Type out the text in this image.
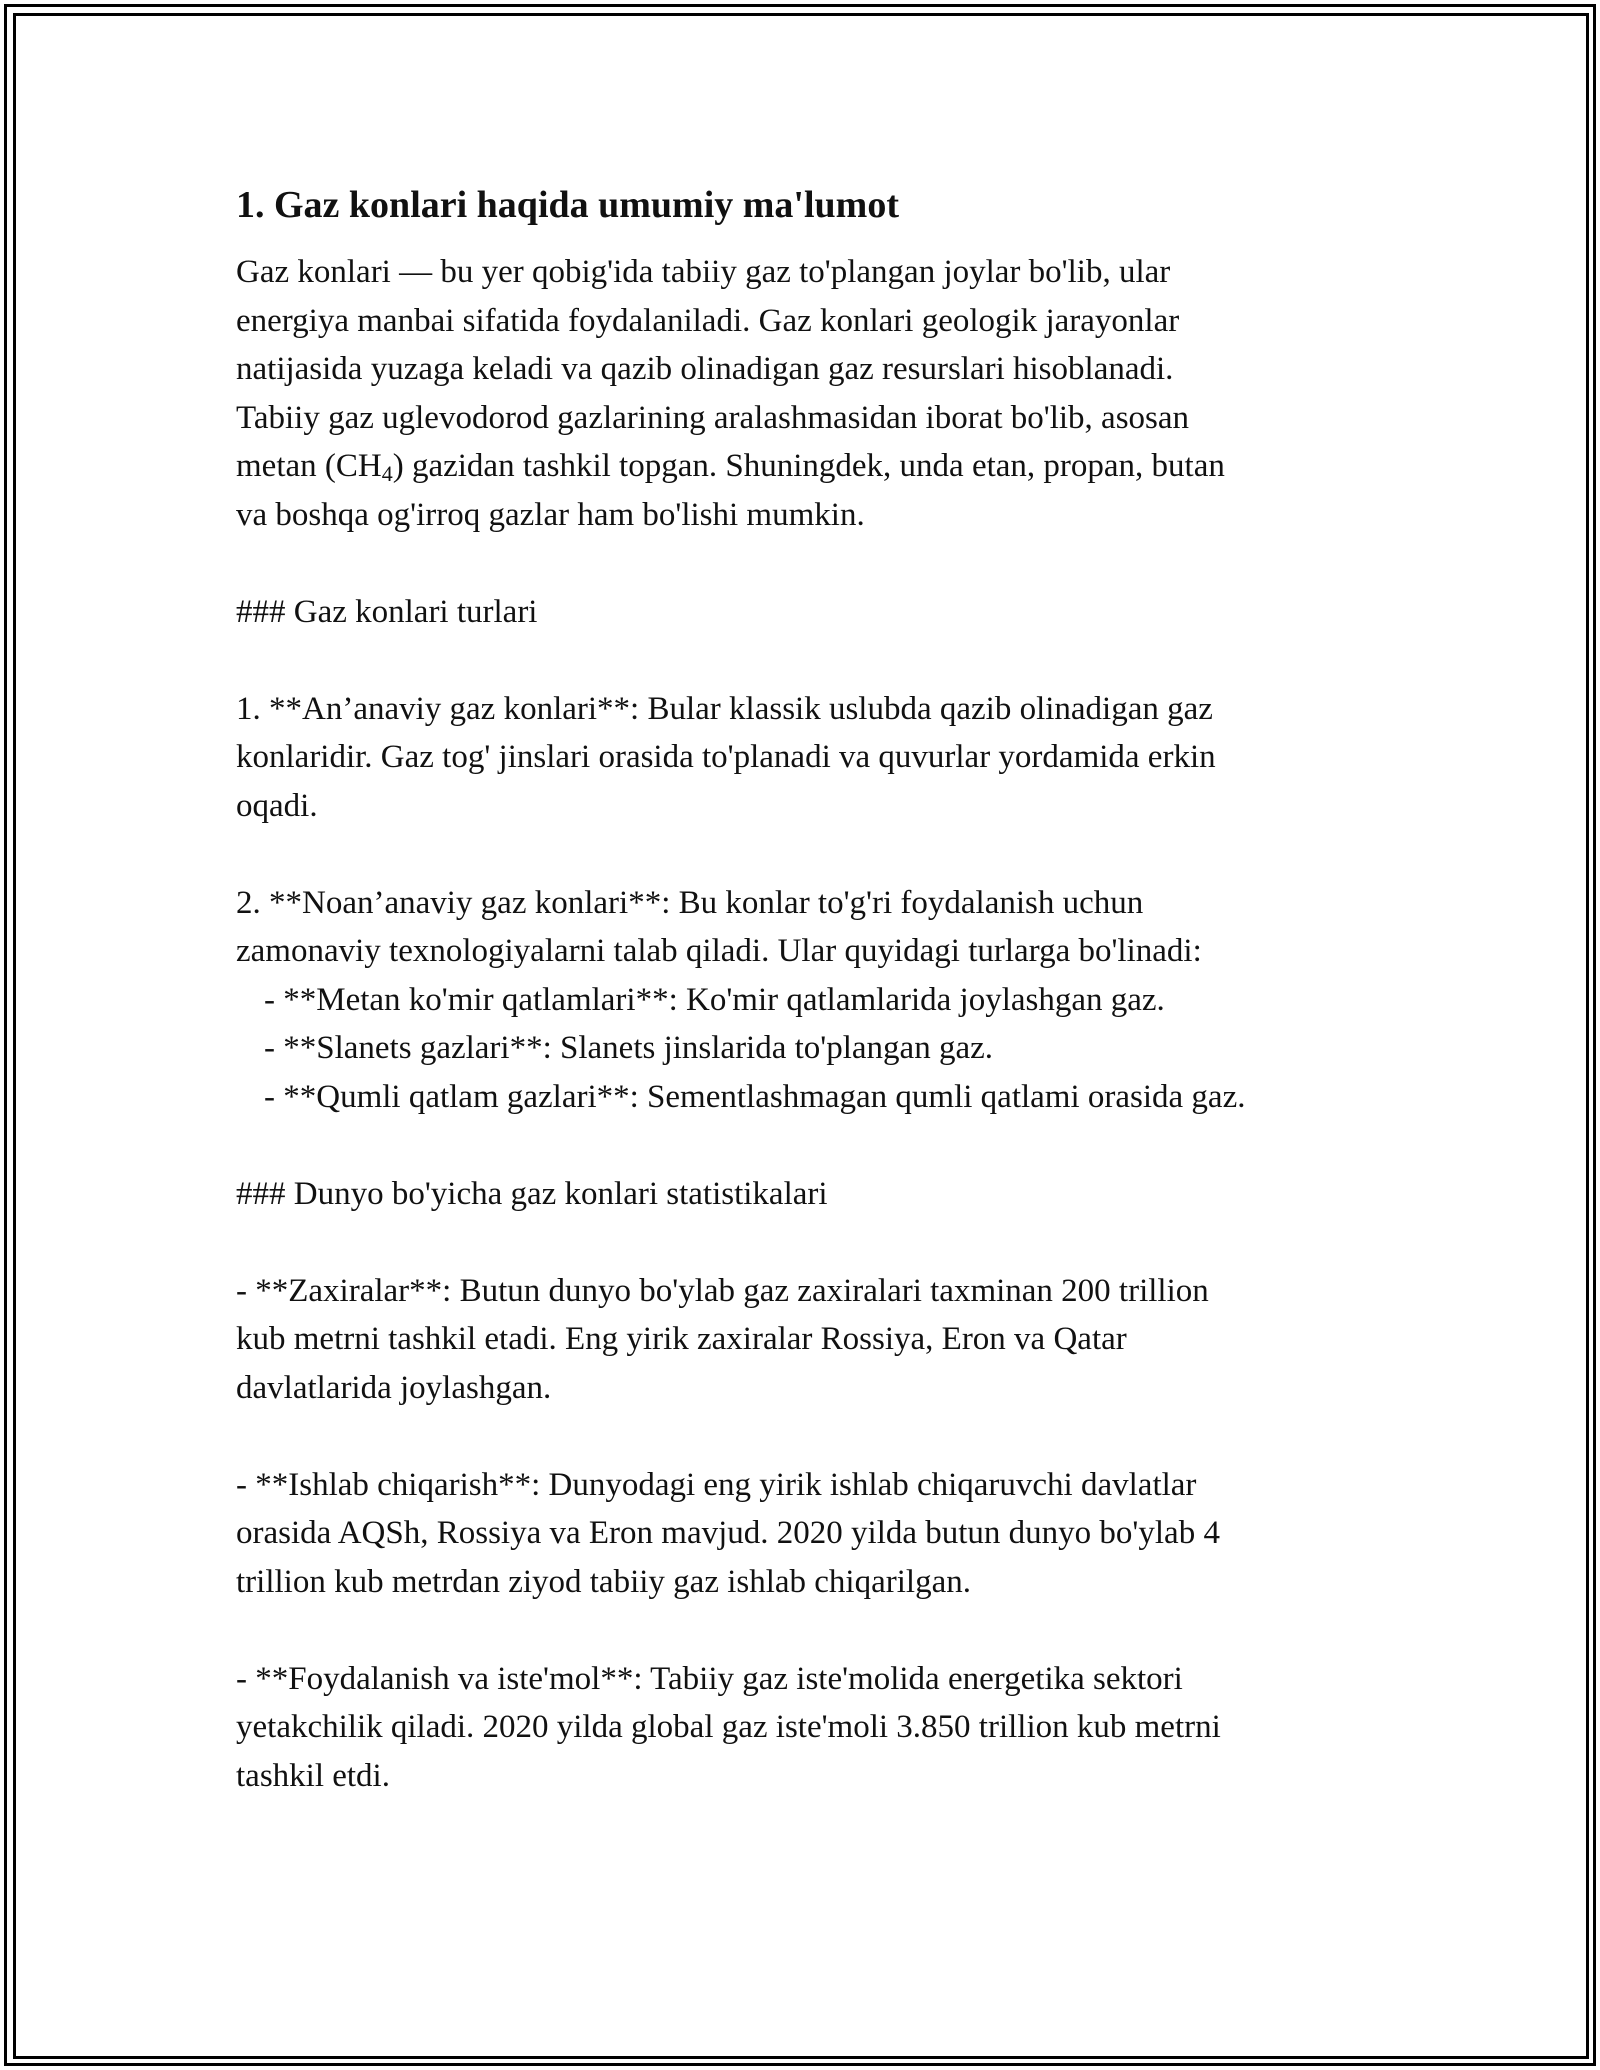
1. Gaz konlari haqida umumiy ma'lumot
Gaz konlari — bu yer qobig'ida tabiiy gaz to'plangan joylar bo'lib, ular
energiya manbai sifatida foydalaniladi. Gaz konlari geologik jarayonlar
natijasida yuzaga keladi va qazib olinadigan gaz resurslari hisoblanadi.
Tabiiy gaz uglevodorod gazlarining aralashmasidan iborat bo'lib, asosan
metan $(CH_4)$ gazidan tashkil topgan. Shuningdek, unda etan, propan, butan
va boshqa og'irroq gazlar ham bo'lishi mumkin.
### Gaz konlari turlari
1. **An’anaviy gaz konlari**: Bular klassik uslubda qazib olinadigan gaz
konlaridir. Gaz tog' jinslari orasida to'planadi va quvurlar yordamida erkin
oqadi.
2. **Noan’anaviy gaz konlari**: Bu konlar to'g'ri foydalanish uchun
zamonaviy texnologiyalarni talab qiladi. Ular quyidagi turlarga bo'linadi:
- **Metan ko'mir qatlamlari**: Ko'mir qatlamlarida joylashgan gaz.
- **Slanets gazlari**: Slanets jinslarida to'plangan gaz.
- **Qumli qatlam gazlari**: Sementlashmagan qumli qatlami orasida gaz.
### Dunyo bo'yicha gaz konlari statistikalari
- **Zaxiralar**: Butun dunyo bo'ylab gaz zaxiralari taxminan 200 trillion
kub metrni tashkil etadi. Eng yirik zaxiralar Rossiya, Eron va Qatar
davlatlarida joylashgan.
- **Ishlab chiqarish**: Dunyodagi eng yirik ishlab chiqaruvchi davlatlar
orasida AQSh, Rossiya va Eron mavjud. 2020 yilda butun dunyo bo'ylab 4
trillion kub metrdan ziyod tabiiy gaz ishlab chiqarilgan.
- **Foydalanish va iste'mol**: Tabiiy gaz iste'molida energetika sektori
yetakchilik qiladi. 2020 yilda global gaz iste'moli 3.850 trillion kub metrni
tashkil etdi.
